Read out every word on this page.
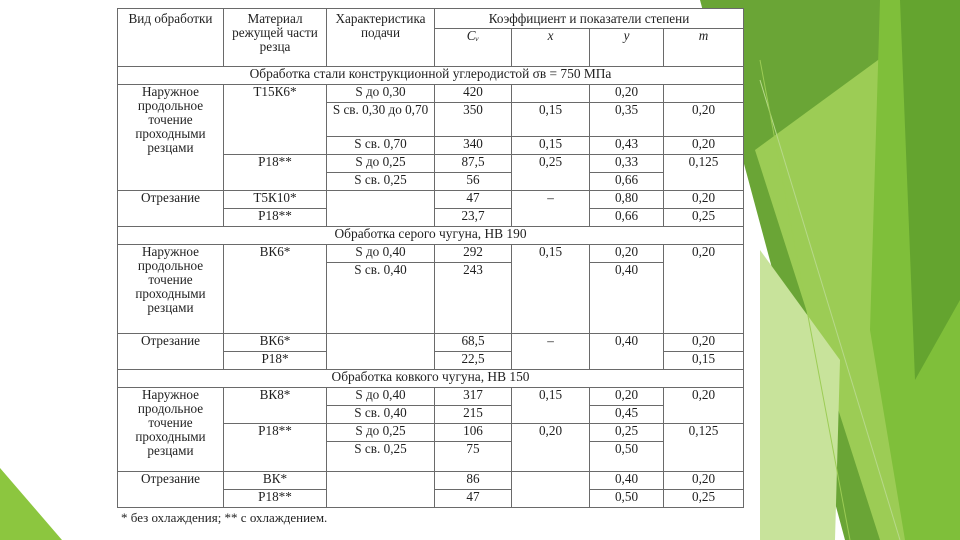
Вид обработки	Материал режущей части резца	Характеристика подачи	Коэффициент и показатели степени			
			Cᵥ	x	y	m
Обработка стали конструкционной углеродистой σв = 750 МПа						
Наружное продольное точение проходными резцами	Т15К6*	S до 0,30	420		0,20	
		S св. 0,30 до 0,70	350	0,15	0,35	0,20
		S св. 0,70	340	0,15	0,43	0,20
	Р18**	S до 0,25	87,5	0,25	0,33	0,125
		S св. 0,25	56		0,66	
Отрезание	Т5К10*		47	–	0,80	0,20
	Р18**		23,7		0,66	0,25
Обработка серого чугуна, НВ 190						
Наружное продольное точение проходными резцами	ВК6*	S до 0,40	292	0,15	0,20	0,20
		S св. 0,40	243		0,40	
Отрезание	ВК6*		68,5	–	0,40	0,20
	Р18*		22,5			0,15
Обработка ковкого чугуна, НВ 150						
Наружное продольное точение проходными резцами	ВК8*	S до 0,40	317	0,15	0,20	0,20
		S св. 0,40	215		0,45	
	Р18**	S до 0,25	106	0,20	0,25	0,125
		S св. 0,25	75		0,50	
Отрезание	ВК*		86		0,40	0,20
	Р18**		47		0,50	0,25
* без охлаждения; ** с охлаждением.
